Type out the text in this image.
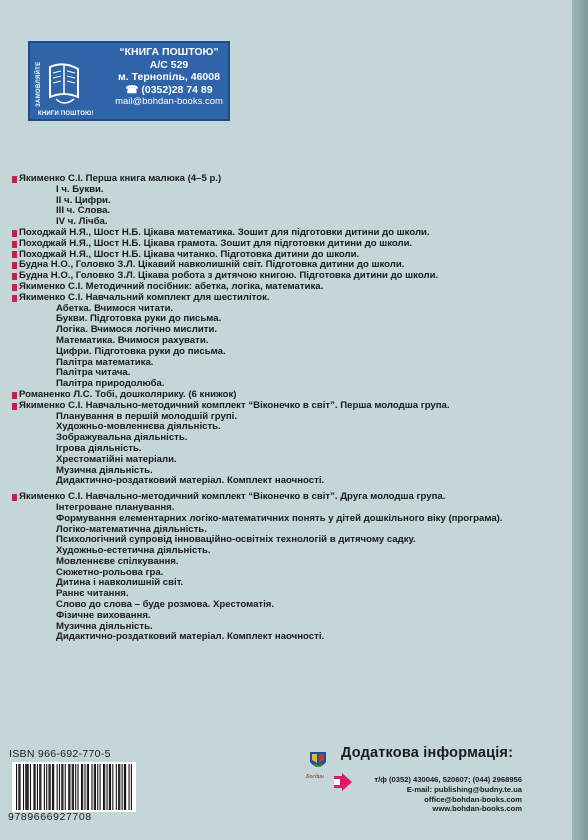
ЗАМОВЛЯЙТЕ
КНИГИ ПОШТОЮ!
“КНИГА ПОШТОЮ”
А/С 529
м. Тернопіль, 46008
☎ (0352)28 74 89
mail@bohdan-books.com
Якименко С.І. Перша книга малюка (4–5 р.)
І ч. Букви.
ІІ ч. Цифри.
ІІІ ч. Слова.
ІV ч. Лічба.
Походжай Н.Я., Шост Н.Б. Цікава математика. Зошит для підготовки дитини до школи.
Походжай Н.Я., Шост Н.Б. Цікава грамота. Зошит для підготовки дитини до школи.
Походжай Н.Я., Шост Н.Б. Цікава читанко. Підготовка дитини до школи.
Будна Н.О., Головко З.Л. Цікавий навколишній світ. Підготовка дитини до школи.
Будна Н.О., Головко З.Л. Цікава робота з дитячою книгою. Підготовка дитини до школи.
Якименко С.І. Методичний посібник: абетка, логіка, математика.
Якименко С.І. Навчальний комплект для шестиліток.
Абетка. Вчимося читати.
Букви. Підготовка руки до письма.
Логіка. Вчимося логічно мислити.
Математика. Вчимося рахувати.
Цифри. Підготовка руки до письма.
Палітра математика.
Палітра читача.
Палітра природолюба.
Романенко Л.С. Тобі, дошколярику. (6 книжок)
Якименко С.І. Навчально-методичний комплект “Віконечко в світ”. Перша молодша група.
Планування в першій молодшій групі.
Художньо-мовленнєва діяльність.
Зображувальна діяльність.
Ігрова діяльність.
Хрестоматійні матеріали.
Музична діяльність.
Дидактично-роздатковий матеріал. Комплект наочності.
Якименко С.І. Навчально-методичний комплект “Віконечко в світ”. Друга молодша група.
Інтегроване планування.
Формування елементарних логіко-математичних понять у дітей дошкільного віку (програма).
Логіко-математична діяльність.
Психологічний супровід інноваційно-освітніх технологій в дитячому садку.
Художньо-естетична діяльність.
Мовленнєве спілкування.
Сюжетно-рольова гра.
Дитина і навколишній світ.
Раннє читання.
Слово до слова – буде розмова. Хрестоматія.
Фізичне виховання.
Музична діяльність.
Дидактично-роздатковий матеріал. Комплект наочності.
ISBN 966-692-770-5
9789666927708
Богдан
Додаткова інформація:
т/ф (0352) 430046, 520607; (044) 2968956
E-mail: publishing@budny.te.ua
office@bohdan-books.com
www.bohdan-books.com
